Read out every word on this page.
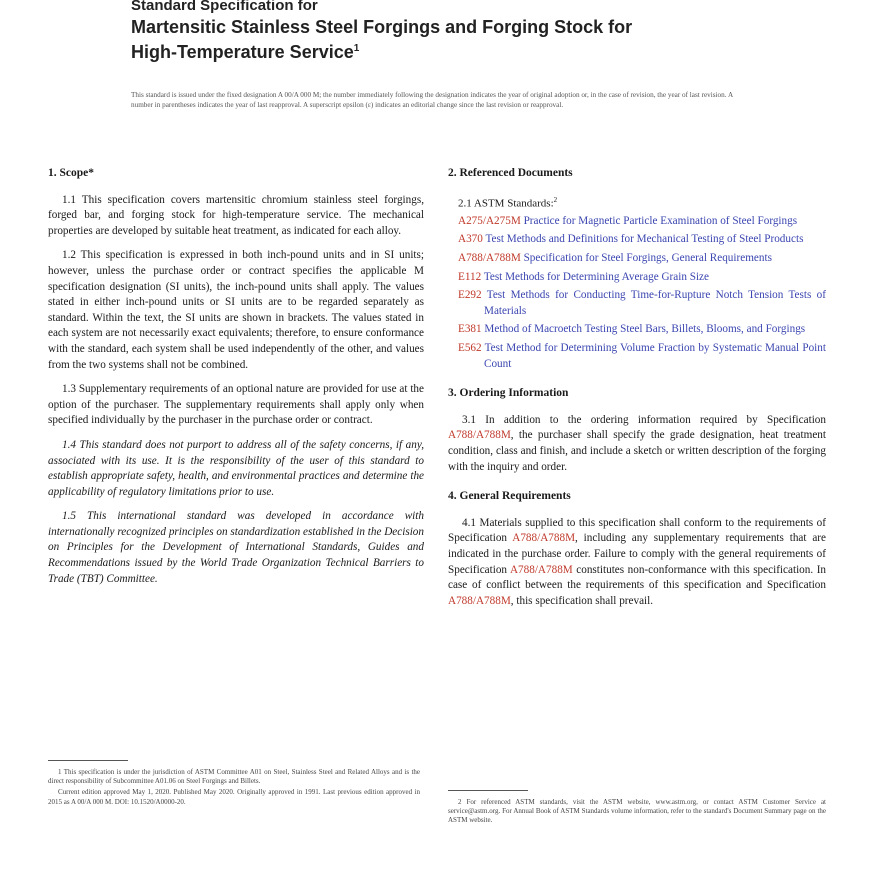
Standard Specification for
Martensitic Stainless Steel Forgings and Forging Stock for
High-Temperature Service$^1$
This standard is issued under the fixed designation A 00/A 000 M; the number immediately following the designation indicates the year of original adoption or, in the case of revision, the year of last revision. A number in parentheses indicates the year of last reapproval. A superscript epsilon (ε) indicates an editorial change since the last revision or reapproval.
1. Scope*
1.1 This specification covers martensitic chromium stainless steel forgings, forged bar, and forging stock for high-temperature service. The mechanical properties are developed by suitable heat treatment, as indicated for each alloy.
1.2 This specification is expressed in both inch-pound units and in SI units; however, unless the purchase order or contract specifies the applicable M specification designation (SI units), the inch-pound units shall apply. The values stated in either inch-pound units or SI units are to be regarded separately as standard. Within the text, the SI units are shown in brackets. The values stated in each system are not necessarily exact equivalents; therefore, to ensure conformance with the standard, each system shall be used independently of the other, and values from the two systems shall not be combined.
1.3 Supplementary requirements of an optional nature are provided for use at the option of the purchaser. The supplementary requirements shall apply only when specified individually by the purchaser in the purchase order or contract.
1.4 This standard does not purport to address all of the safety concerns, if any, associated with its use. It is the responsibility of the user of this standard to establish appropriate safety, health, and environmental practices and determine the applicability of regulatory limitations prior to use.
1.5 This international standard was developed in accordance with internationally recognized principles on standardization established in the Decision on Principles for the Development of International Standards, Guides and Recommendations issued by the World Trade Organization Technical Barriers to Trade (TBT) Committee.

1 This specification is under the jurisdiction of ASTM Committee A01 on Steel, Stainless Steel and Related Alloys and is the direct responsibility of Subcommittee A01.06 on Steel Forgings and Billets.

Current edition approved May 1, 2020. Published May 2020. Originally approved in 1991. Last previous edition approved in 2015 as A 00/A 000 M. DOI: 10.1520/A0000-20.

2. Referenced Documents
2.1 ASTM Standards:$^2$
A275/A275M Practice for Magnetic Particle Examination of Steel Forgings
A370 Test Methods and Definitions for Mechanical Testing of Steel Products
A788/A788M Specification for Steel Forgings, General Requirements
E112 Test Methods for Determining Average Grain Size
E292 Test Methods for Conducting Time-for-Rupture Notch Tension Tests of Materials
E381 Method of Macroetch Testing Steel Bars, Billets, Blooms, and Forgings
E562 Test Method for Determining Volume Fraction by Systematic Manual Point Count
3. Ordering Information
3.1 In addition to the ordering information required by Specification A788/A788M, the purchaser shall specify the grade designation, heat treatment condition, class and finish, and include a sketch or written description of the forging with the inquiry and order.
4. General Requirements
4.1 Materials supplied to this specification shall conform to the requirements of Specification A788/A788M, including any supplementary requirements that are indicated in the purchase order. Failure to comply with the general requirements of Specification A788/A788M constitutes non-conformance with this specification. In case of conflict between the requirements of this specification and Specification A788/A788M, this specification shall prevail.

2 For referenced ASTM standards, visit the ASTM website, www.astm.org, or contact ASTM Customer Service at service@astm.org. For Annual Book of ASTM Standards volume information, refer to the standard's Document Summary page on the ASTM website.
